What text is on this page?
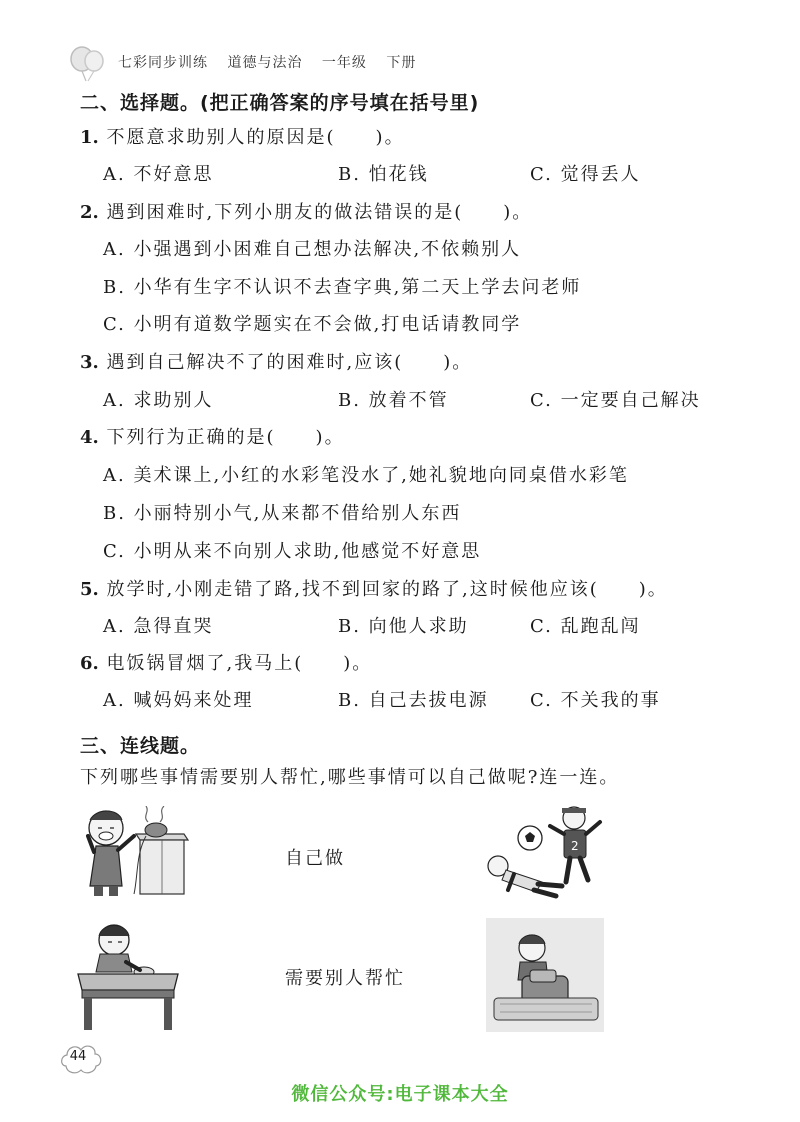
七彩同步训练 道德与法治 一年级 下册
二、选择题。(把正确答案的序号填在括号里)
1. 不愿意求助别人的原因是(　　)。
A. 不好意思	B. 怕花钱	C. 觉得丢人
2. 遇到困难时,下列小朋友的做法错误的是(　　)。
A. 小强遇到小困难自己想办法解决,不依赖别人
B. 小华有生字不认识不去查字典,第二天上学去问老师
C. 小明有道数学题实在不会做,打电话请教同学
3. 遇到自己解决不了的困难时,应该(　　)。
A. 求助别人	B. 放着不管	C. 一定要自己解决
4. 下列行为正确的是(　　)。
A. 美术课上,小红的水彩笔没水了,她礼貌地向同桌借水彩笔
B. 小丽特别小气,从来都不借给别人东西
C. 小明从来不向别人求助,他感觉不好意思
5. 放学时,小刚走错了路,找不到回家的路了,这时候他应该(　　)。
A. 急得直哭	B. 向他人求助	C. 乱跑乱闯
6. 电饭锅冒烟了,我马上(　　)。
A. 喊妈妈来处理	B. 自己去拔电源 C. 不关我的事
三、连线题。
下列哪些事情需要别人帮忙,哪些事情可以自己做呢?连一连。
自己做
需要别人帮忙
2
44
微信公众号:电子课本大全
